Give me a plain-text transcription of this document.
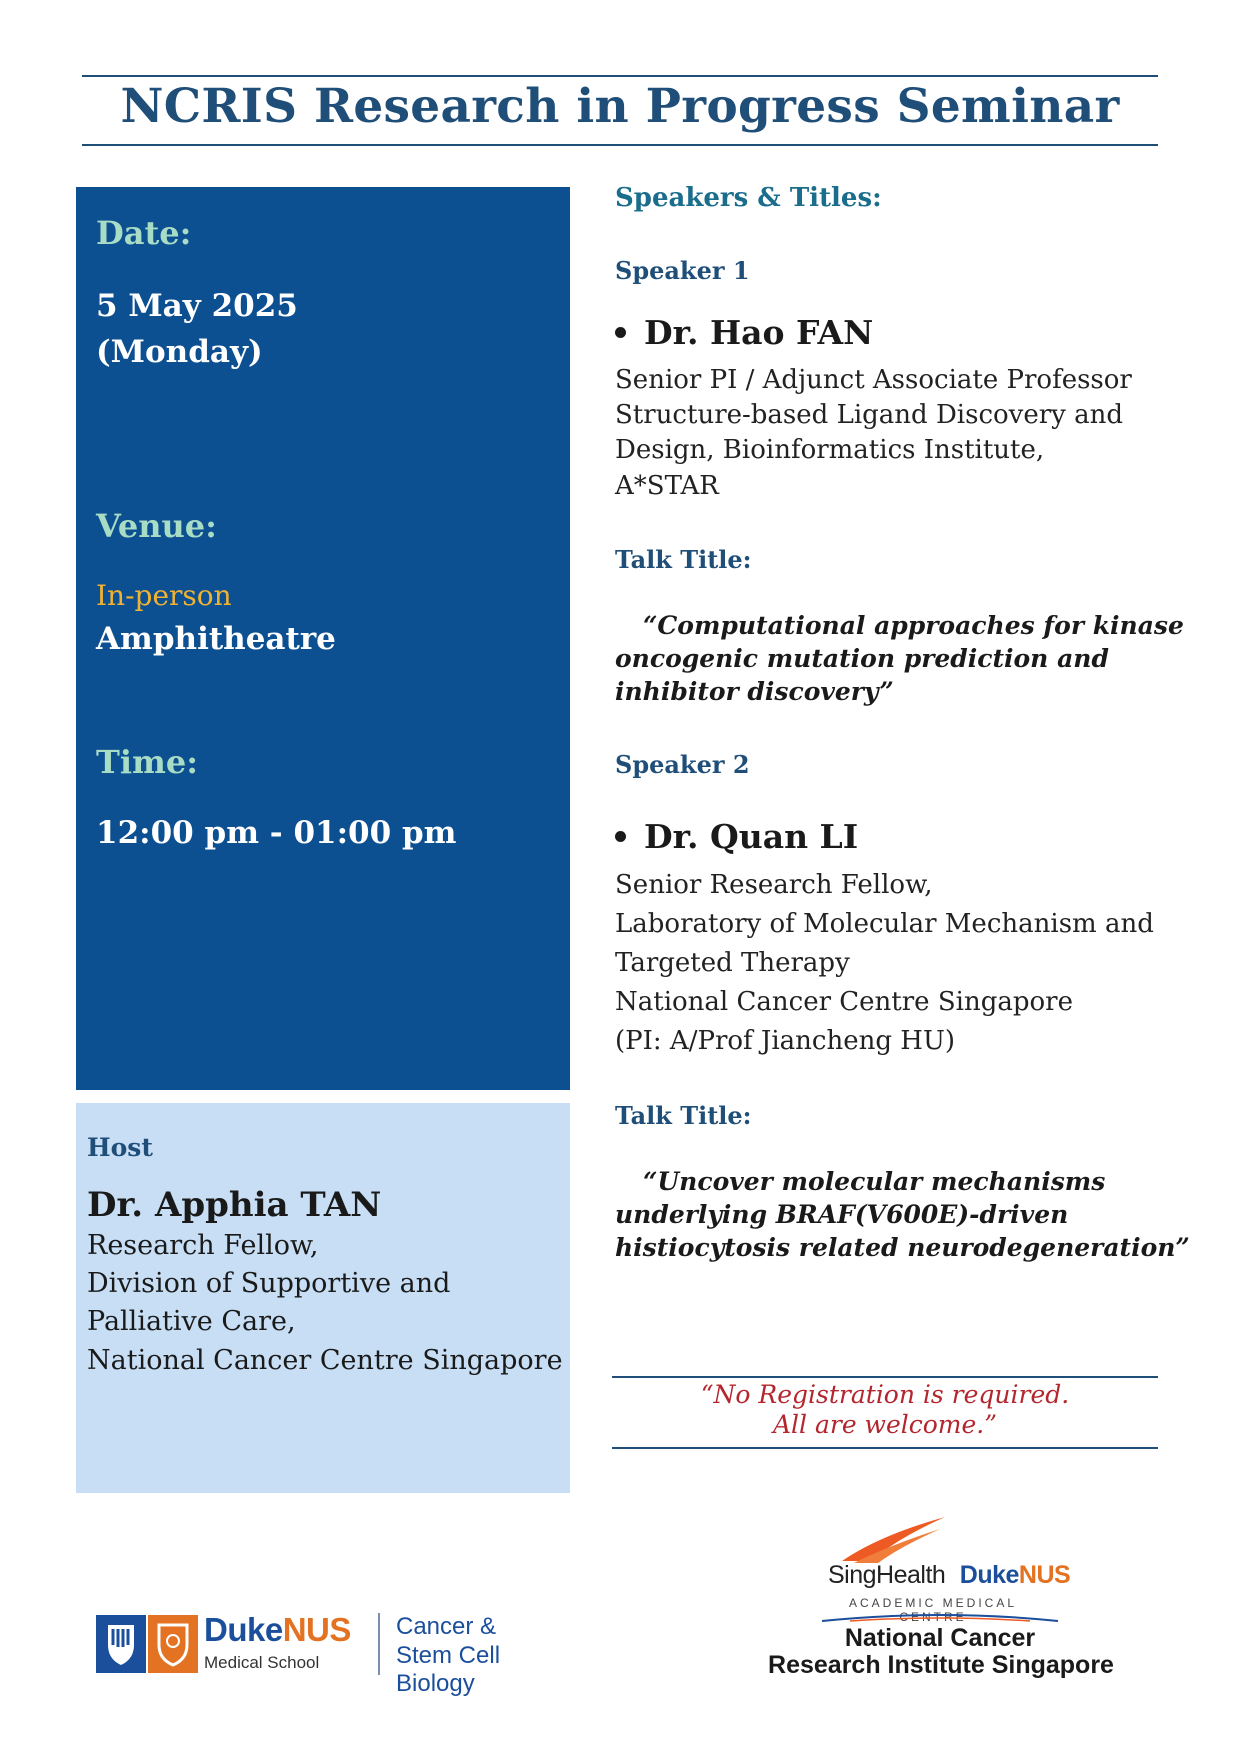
NCRIS Research in Progress Seminar
Date:
5 May 2025
(Monday)
Venue:
In-person
Amphitheatre
Time:
12:00 pm - 01:00 pm
Host
Dr. Apphia TAN
Research Fellow,
Division of Supportive and
Palliative Care,
National Cancer Centre Singapore
Speakers & Titles:
Speaker 1
Dr. Hao FAN
Senior PI / Adjunct Associate Professor
Structure-based Ligand Discovery and
Design, Bioinformatics Institute,
A*STAR
Talk Title:
“Computational approaches for kinase
oncogenic mutation prediction and
inhibitor discovery”
Speaker 2
Dr. Quan LI
Senior Research Fellow,
Laboratory of Molecular Mechanism and
Targeted Therapy
National Cancer Centre Singapore
(PI: A/Prof Jiancheng HU)
Talk Title:
“Uncover molecular mechanisms
underlying BRAF(V600E)-driven
histiocytosis related neurodegeneration”
“No Registration is required.
All are welcome.”
DukeNUS
Medical School
Cancer &
Stem Cell Biology
SingHealth DukeNUS
ACADEMIC MEDICAL CENTRE
National Cancer
Research Institute Singapore
